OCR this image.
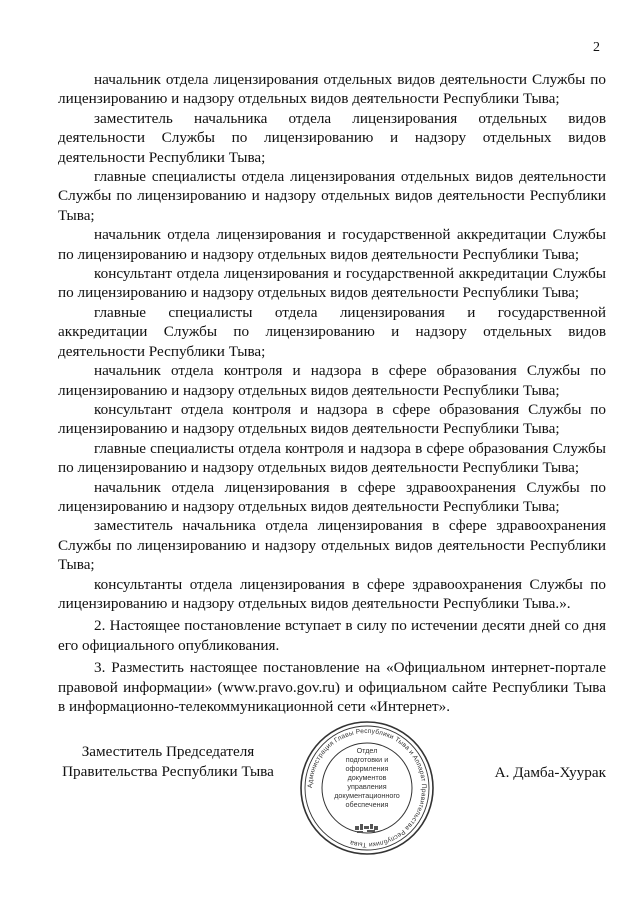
2

начальник отдела лицензирования отдельных видов деятельности Службы по лицензированию и надзору отдельных видов деятельности Республики Тыва;

заместитель начальника отдела лицензирования отдельных видов деятельности Службы по лицензированию и надзору отдельных видов деятельности Республики Тыва;

главные специалисты отдела лицензирования отдельных видов деятельности Службы по лицензированию и надзору отдельных видов деятельности Республики Тыва;

начальник отдела лицензирования и государственной аккредитации Службы по лицензированию и надзору отдельных видов деятельности Республики Тыва;

консультант отдела лицензирования и государственной аккредитации Службы по лицензированию и надзору отдельных видов деятельности Республики Тыва;

главные специалисты отдела лицензирования и государственной аккредитации Службы по лицензированию и надзору отдельных видов деятельности Республики Тыва;

начальник отдела контроля и надзора в сфере образования Службы по лицензированию и надзору отдельных видов деятельности Республики Тыва;

консультант отдела контроля и надзора в сфере образования Службы по лицензированию и надзору отдельных видов деятельности Республики Тыва;

главные специалисты отдела контроля и надзора в сфере образования Службы по лицензированию и надзору отдельных видов деятельности Республики Тыва;

начальник отдела лицензирования в сфере здравоохранения Службы по лицензированию и надзору отдельных видов деятельности Республики Тыва;

заместитель начальника отдела лицензирования в сфере здравоохранения Службы по лицензированию и надзору отдельных видов деятельности Республики Тыва;

консультанты отдела лицензирования в сфере здравоохранения Службы по лицензированию и надзору отдельных видов деятельности Республики Тыва.».

2. Настоящее постановление вступает в силу по истечении десяти дней со дня его официального опубликования.

3. Разместить настоящее постановление на «Официальном интернет-портале правовой информации» (www.pravo.gov.ru) и официальном сайте Республики Тыва в информационно-телекоммуникационной сети «Интернет».

Заместитель Председателя
Правительства Республики Тыва
Администрация Главы Республики Тыва и Аппарат Правительства Республики Тыва
Отдел
подготовки и
оформления документов
управления
документационного
обеспечения
А. Дамба-Хуурак
